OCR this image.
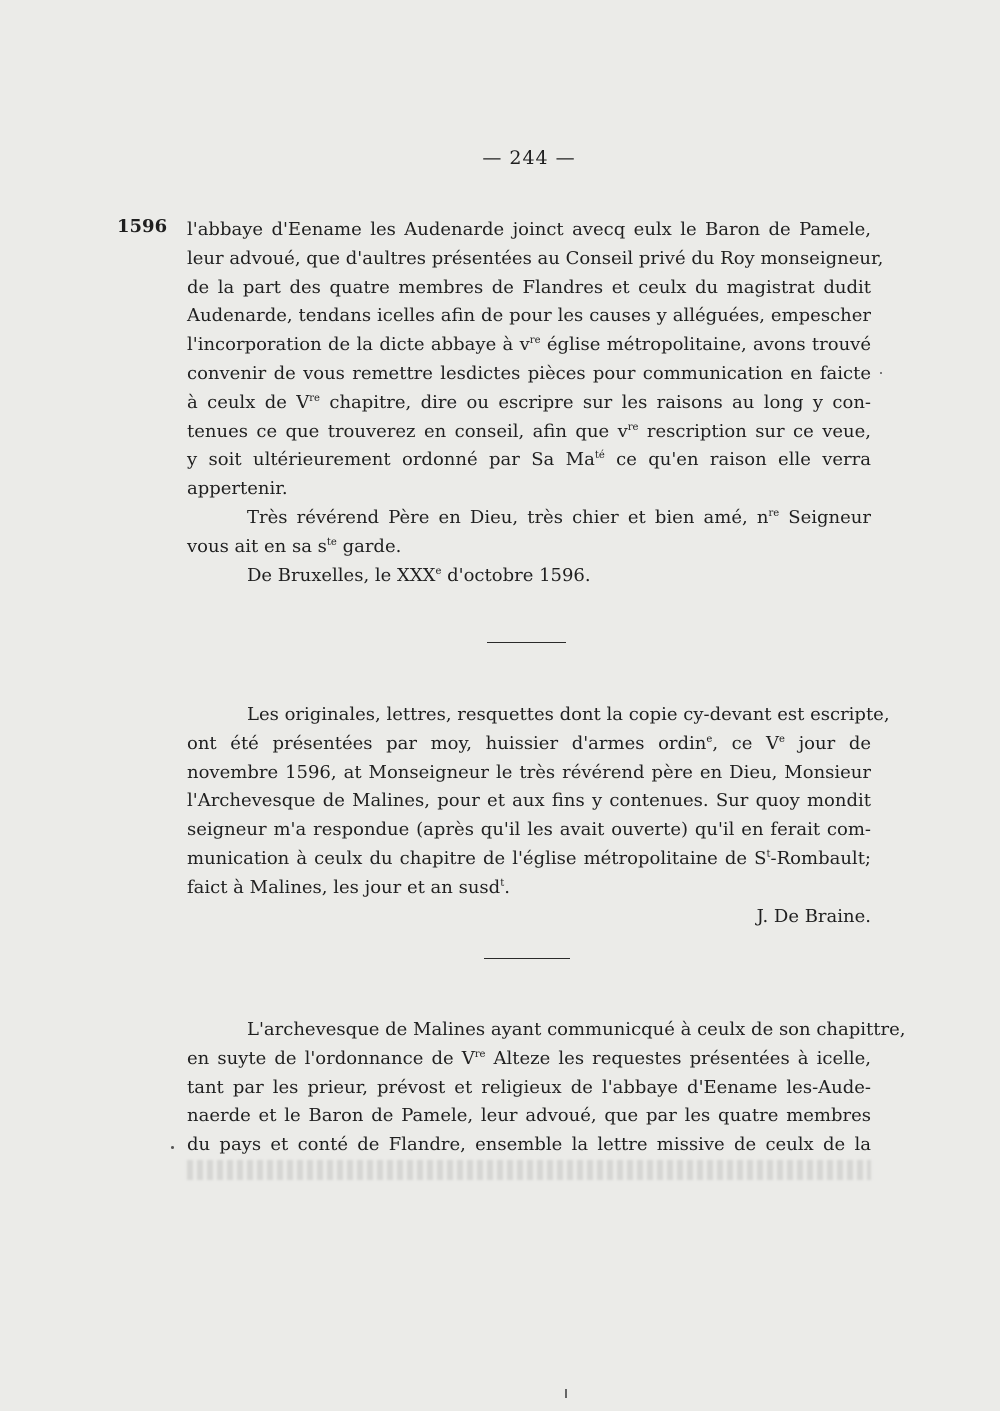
— 244 —
1596 l'abbaye d'Eename les Audenarde joinct avecq eulx le Baron de Pamele,
leur advoué, que d'aultres présentées au Conseil privé du Roy monseigneur,
de la part des quatre membres de Flandres et ceulx du magistrat dudit
Audenarde, tendans icelles afin de pour les causes y alléguées, empescher
l'incorporation de la dicte abbaye à $v^{re}$ église métropolitaine, avons trouvé
convenir de vous remettre lesdictes pièces pour communication en faicte
à ceulx de Vre chapitre, dire ou escripre sur les raisons au long y con-
tenues ce que trouverez en conseil, afin que $v^{re}$ rescription sur ce veue,
y soit ultérieurement ordonné par Sa $Ma^{té}$ ce qu'en raison elle verra
appertenir.
Très révérend Père en Dieu, très chier et bien amé, $n^{re}$ Seigneur
vous ait en sa $s^{te}$ garde.
De Bruxelles, le XXXe d'octobre 1596.
Les originales, lettres, resquettes dont la copie cy-devant est escripte,
ont été présentées par moy, huissier d'armes ordin$^e$, ce Ve jour de
novembre 1596, at Monseigneur le très révérend père en Dieu, Monsieur
l'Archevesque de Malines, pour et aux fins y contenues. Sur quoy mondit
seigneur m'a respondue (après qu'il les avait ouverte) qu'il en ferait com-
munication à ceulx du chapitre de l'église métropolitaine de $S^t$-Rombault;
faict à Malines, les jour et an susd$^t$.
J. De Braine.
L'archevesque de Malines ayant communicqué à ceulx de son chapittre,
en suyte de l'ordonnance de Vre Alteze les requestes présentées à icelle,
tant par les prieur, prévost et religieux de l'abbaye d'Eename les-Aude-
naerde et le Baron de Pamele, leur advoué, que par les quatre membres
du pays et conté de Flandre, ensemble la lettre missive de ceulx de la
